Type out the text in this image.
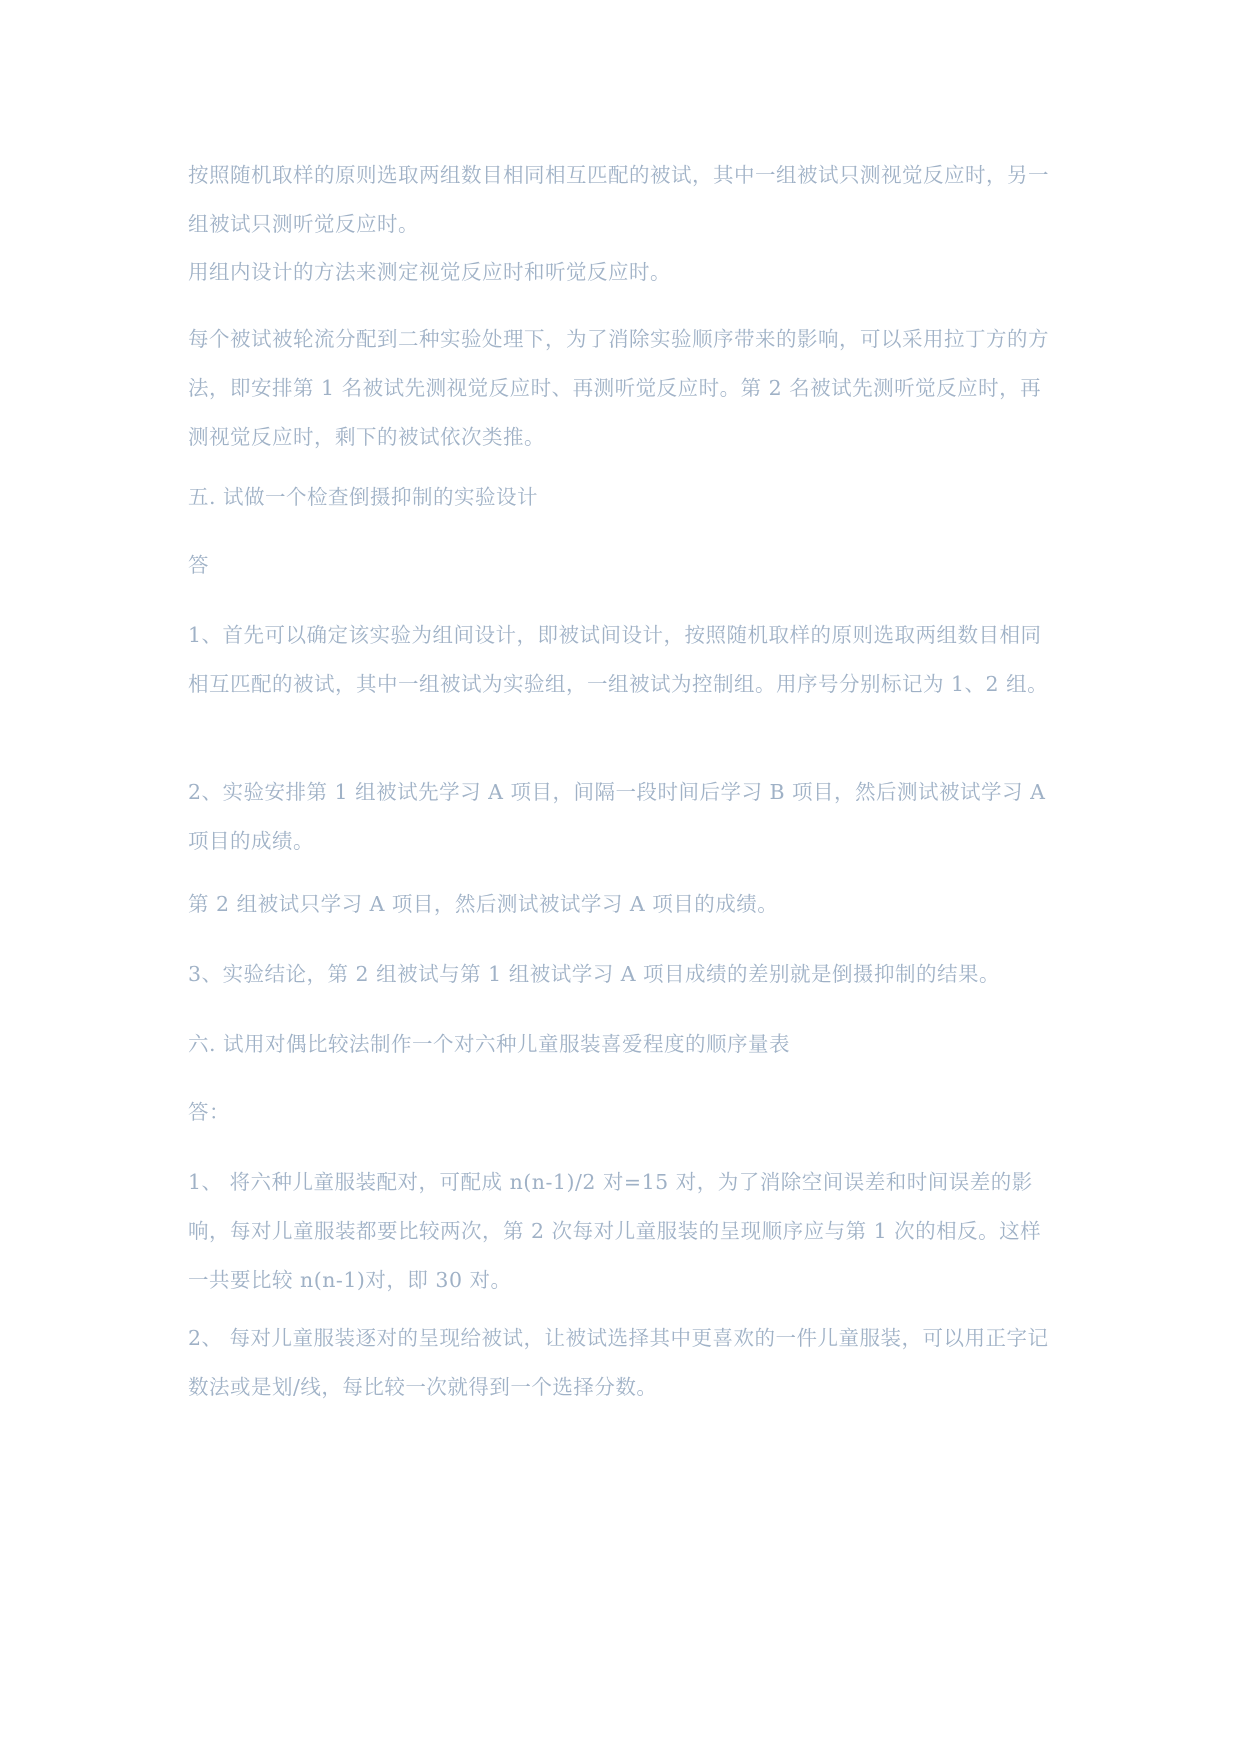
按照随机取样的原则选取两组数目相同相互匹配的被试，其中一组被试只测视觉反应时，另一组被试只测听觉反应时。

用组内设计的方法来测定视觉反应时和听觉反应时。

每个被试被轮流分配到二种实验处理下，为了消除实验顺序带来的影响，可以采用拉丁方的方法，即安排第 1 名被试先测视觉反应时、再测听觉反应时。第 2 名被试先测听觉反应时，再测视觉反应时，剩下的被试依次类推。

五. 试做一个检查倒摄抑制的实验设计

答

1、首先可以确定该实验为组间设计，即被试间设计，按照随机取样的原则选取两组数目相同相互匹配的被试，其中一组被试为实验组，一组被试为控制组。用序号分别标记为 1、2 组。

2、实验安排第 1 组被试先学习 A 项目，间隔一段时间后学习 B 项目，然后测试被试学习 A 项目的成绩。

第 2 组被试只学习 A 项目，然后测试被试学习 A 项目的成绩。

3、实验结论，第 2 组被试与第 1 组被试学习 A 项目成绩的差别就是倒摄抑制的结果。

六. 试用对偶比较法制作一个对六种儿童服装喜爱程度的顺序量表

答：

1、 将六种儿童服装配对，可配成 n(n-1)/2 对=15 对，为了消除空间误差和时间误差的影响，每对儿童服装都要比较两次，第 2 次每对儿童服装的呈现顺序应与第 1 次的相反。这样一共要比较 n(n-1)对，即 30 对。

2、 每对儿童服装逐对的呈现给被试，让被试选择其中更喜欢的一件儿童服装，可以用正字记数法或是划/线，每比较一次就得到一个选择分数。
